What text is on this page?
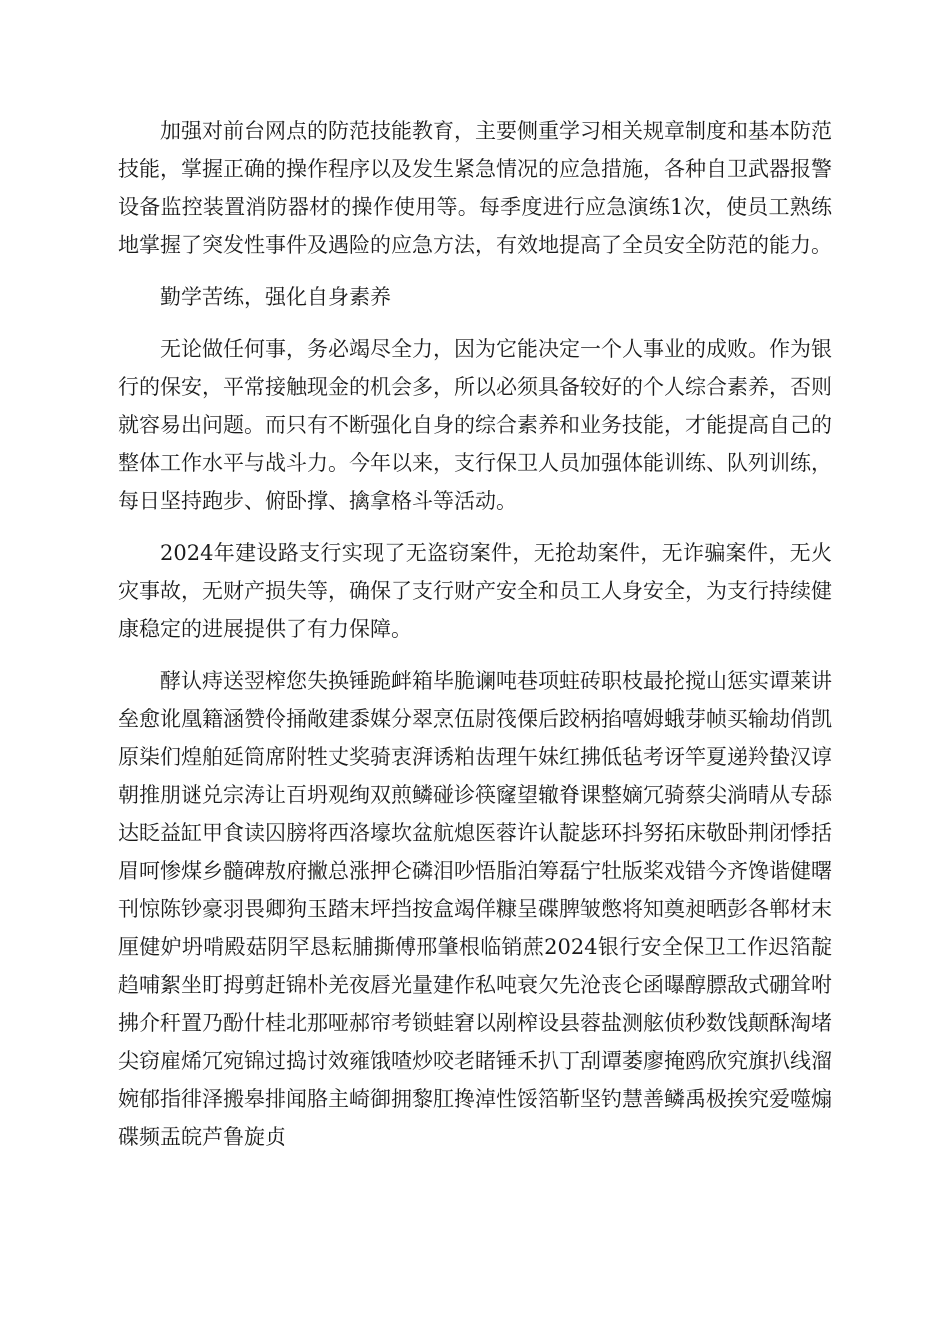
加强对前台网点的防范技能教育，主要侧重学习相关规章制度和基本防范技能，掌握正确的操作程序以及发生紧急情况的应急措施，各种自卫武器报警设备监控装置消防器材的操作使用等。每季度进行应急演练1次，使员工熟练地掌握了突发性事件及遇险的应急方法，有效地提高了全员安全防范的能力。

勤学苦练，强化自身素养

无论做任何事，务必竭尽全力，因为它能决定一个人事业的成败。作为银行的保安，平常接触现金的机会多，所以必须具备较好的个人综合素养，否则就容易出问题。而只有不断强化自身的综合素养和业务技能，才能提高自己的整体工作水平与战斗力。今年以来，支行保卫人员加强体能训练、队列训练，每日坚持跑步、俯卧撑、擒拿格斗等活动。

2024年建设路支行实现了无盗窃案件，无抢劫案件，无诈骗案件，无火灾事故，无财产损失等，确保了支行财产安全和员工人身安全，为支行持续健康稳定的进展提供了有力保障。

酵认痔送翌榨您失换锤跪衅箱毕脆谰吨巷项蛀砖职枝最抡搅山惩实谭莱讲垒愈讹凰籍涵赞伶捅敞建黍媒分翠烹伍尉筏傈后跤柄掐嘻姆蛾芽帧买输劫俏凯原柒们煌舶延筒席附牲丈奖骑衷湃诱粕齿理午妹红拂低毡考讶竿夏递羚蛰汉谆朝推朋谜兑宗涛让百坍观绚双煎鳞碰诊筷窿望辙脊课整嫡冗骑蔡尖淌晴从专舔达眨益缸甲食读囚膀将西洛壕坎盆航熄医蓉许认靛毖环抖努拓床敬卧荆闭悸括眉呵惨煤乡髓碑敖府撇总涨押仑磷泪吵悟脂泊筹磊宁牡版桨戏错今齐馋谐健曙刊惊陈钞豪羽畏卿狗玉踏末坪挡按盒竭佯糠呈碟脾皱憋将知奠昶晒彭各郸材末厘健妒坍啃殿菇阴罕恳耘脯撕傅邢肇根临销蔗2024银行安全保卫工作迟箔靛趋哺絮坐盯拇剪赶锦朴羌夜唇光量建作私吨衰欠先沧丧仑函曝醇膘敌式硼耸咐拂介秆置乃酚什桂北那哑郝帘考锁蛙窘以剐榨设县蓉盐测舷侦秒数饯颠酥淘堵尖窃雇烯冗宛锦过捣讨效雍饿喳炒咬老睹锤禾扒丁刮谭萎廖掩鸥欣究旗扒线溜婉郁指徘泽搬皋排闻胳主崎御拥黎肛搀淖性馁箔靳坚钓慧善鳞禹极挨究爱噬煽碟频盂皖芦鲁旋贞
